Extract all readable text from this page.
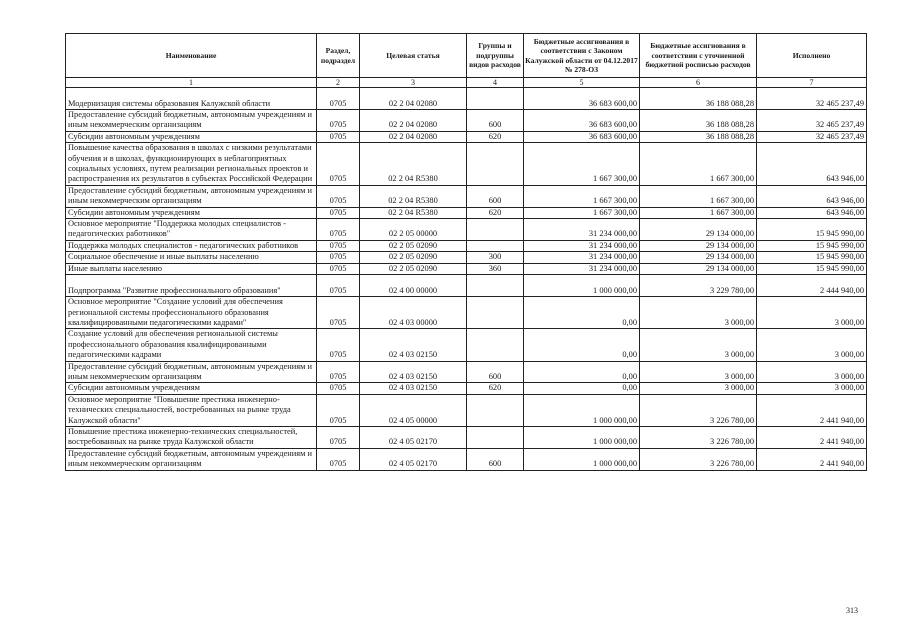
Наименование	Раздел, подраздел	Целевая статья	Группы и подгруппы видов расходов	Бюджетные ассигнования в соответствии с Законом Калужской области от 04.12.2017 № 278-ОЗ	Бюджетные ассигнования в соответствии с уточненной бюджетной росписью расходов	Исполнено
1	2	3	4	5	6	7
Модернизация системы образования Калужской области	0705	02 2 04 02080		36 683 600,00	36 188 088,28	32 465 237,49
Предоставление субсидий бюджетным, автономным учреждениям и иным некоммерческим организациям	0705	02 2 04 02080	600	36 683 600,00	36 188 088,28	32 465 237,49
Субсидии автономным учреждениям	0705	02 2 04 02080	620	36 683 600,00	36 188 088,28	32 465 237,49
Повышение качества образования в школах с низкими результатами обучения и в школах, функционирующих в неблагоприятных социальных условиях, путем реализации региональных проектов и распространения их результатов в субъектах Российской Федерации	0705	02 2 04 R5380		1 667 300,00	1 667 300,00	643 946,00
Предоставление субсидий бюджетным, автономным учреждениям и иным некоммерческим организациям	0705	02 2 04 R5380	600	1 667 300,00	1 667 300,00	643 946,00
Субсидии автономным учреждениям	0705	02 2 04 R5380	620	1 667 300,00	1 667 300,00	643 946,00
Основное мероприятие "Поддержка молодых специалистов - педагогических работников"	0705	02 2 05 00000		31 234 000,00	29 134 000,00	15 945 990,00
Поддержка молодых специалистов - педагогических работников	0705	02 2 05 02090		31 234 000,00	29 134 000,00	15 945 990,00
Социальное обеспечение и иные выплаты населению	0705	02 2 05 02090	300	31 234 000,00	29 134 000,00	15 945 990,00
Иные выплаты населению	0705	02 2 05 02090	360	31 234 000,00	29 134 000,00	15 945 990,00
Подпрограмма "Развитие профессионального образования"	0705	02 4 00 00000		1 000 000,00	3 229 780,00	2 444 940,00
Основное мероприятие "Создание условий для обеспечения региональной системы профессионального образования квалифицированными педагогическими кадрами"	0705	02 4 03 00000		0,00	3 000,00	3 000,00
Создание условий для обеспечения региональной системы профессионального образования квалифицированными педагогическими кадрами	0705	02 4 03 02150		0,00	3 000,00	3 000,00
Предоставление субсидий бюджетным, автономным учреждениям и иным некоммерческим организациям	0705	02 4 03 02150	600	0,00	3 000,00	3 000,00
Субсидии автономным учреждениям	0705	02 4 03 02150	620	0,00	3 000,00	3 000,00
Основное мероприятие "Повышение престижа инженерно-технических специальностей, востребованных на рынке труда Калужской области"	0705	02 4 05 00000		1 000 000,00	3 226 780,00	2 441 940,00
Повышение престижа инженерно-технических специальностей, востребованных на рынке труда Калужской области	0705	02 4 05 02170		1 000 000,00	3 226 780,00	2 441 940,00
Предоставление субсидий бюджетным, автономным учреждениям и иным некоммерческим организациям	0705	02 4 05 02170	600	1 000 000,00	3 226 780,00	2 441 940,00
313
